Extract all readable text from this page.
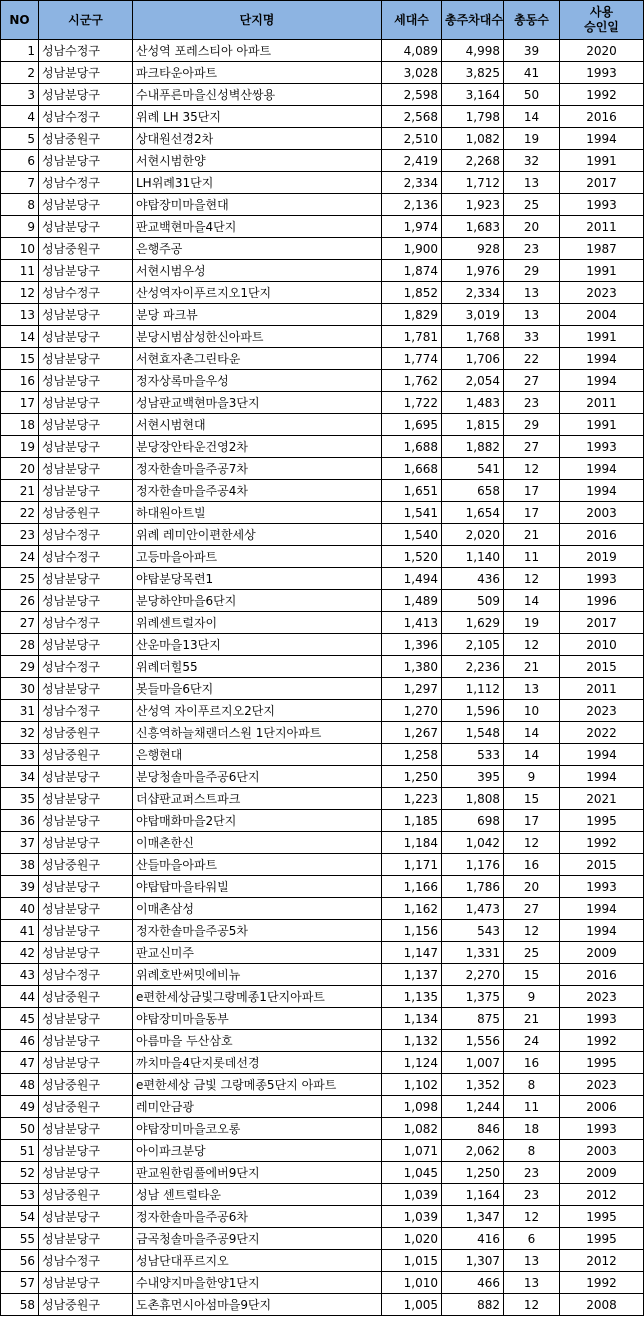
NO	시군구	단지명	세대수	총주차대수	총동수	사용
승인일
1	성남수정구	산성역 포레스티아 아파트	4,089	4,998	39	2020
2	성남분당구	파크타운아파트	3,028	3,825	41	1993
3	성남분당구	수내푸른마을신성벽산쌍용	2,598	3,164	50	1992
4	성남수정구	위례 LH 35단지	2,568	1,798	14	2016
5	성남중원구	상대원선경2차	2,510	1,082	19	1994
6	성남분당구	서현시범한양	2,419	2,268	32	1991
7	성남수정구	LH위례31단지	2,334	1,712	13	2017
8	성남분당구	야탑장미마을현대	2,136	1,923	25	1993
9	성남분당구	판교백현마을4단지	1,974	1,683	20	2011
10	성남중원구	은행주공	1,900	928	23	1987
11	성남분당구	서현시범우성	1,874	1,976	29	1991
12	성남수정구	산성역자이푸르지오1단지	1,852	2,334	13	2023
13	성남분당구	분당 파크뷰	1,829	3,019	13	2004
14	성남분당구	분당시범삼성한신아파트	1,781	1,768	33	1991
15	성남분당구	서현효자촌그린타운	1,774	1,706	22	1994
16	성남분당구	정자상록마을우성	1,762	2,054	27	1994
17	성남분당구	성남판교백현마을3단지	1,722	1,483	23	2011
18	성남분당구	서현시범현대	1,695	1,815	29	1991
19	성남분당구	분당장안타운건영2차	1,688	1,882	27	1993
20	성남분당구	정자한솔마을주공7차	1,668	541	12	1994
21	성남분당구	정자한솔마을주공4차	1,651	658	17	1994
22	성남중원구	하대원아트빌	1,541	1,654	17	2003
23	성남수정구	위례 레미안이편한세상	1,540	2,020	21	2016
24	성남수정구	고등마을아파트	1,520	1,140	11	2019
25	성남분당구	야탑분당목련1	1,494	436	12	1993
26	성남분당구	분당하얀마을6단지	1,489	509	14	1996
27	성남수정구	위례센트럴자이	1,413	1,629	19	2017
28	성남분당구	산운마을13단지	1,396	2,105	12	2010
29	성남수정구	위례더힐55	1,380	2,236	21	2015
30	성남분당구	봇들마을6단지	1,297	1,112	13	2011
31	성남수정구	산성역 자이푸르지오2단지	1,270	1,596	10	2023
32	성남중원구	신흥역하늘채랜더스원 1단지아파트	1,267	1,548	14	2022
33	성남중원구	은행현대	1,258	533	14	1994
34	성남분당구	분당청솔마을주공6단지	1,250	395	9	1994
35	성남분당구	더샵판교퍼스트파크	1,223	1,808	15	2021
36	성남분당구	야탑매화마을2단지	1,185	698	17	1995
37	성남분당구	이매촌한신	1,184	1,042	12	1992
38	성남중원구	산들마을아파트	1,171	1,176	16	2015
39	성남분당구	야탑탑마을타워빌	1,166	1,786	20	1993
40	성남분당구	이매촌삼성	1,162	1,473	27	1994
41	성남분당구	정자한솔마을주공5차	1,156	543	12	1994
42	성남분당구	판교신미주	1,147	1,331	25	2009
43	성남수정구	위례호반써밋에비뉴	1,137	2,270	15	2016
44	성남중원구	e편한세상금빛그랑메종1단지아파트	1,135	1,375	9	2023
45	성남분당구	야탑장미마을동부	1,134	875	21	1993
46	성남분당구	아름마을 두산삼호	1,132	1,556	24	1992
47	성남분당구	까치마을4단지롯데선경	1,124	1,007	16	1995
48	성남중원구	e편한세상 금빛 그랑메종5단지 아파트	1,102	1,352	8	2023
49	성남중원구	레미안금광	1,098	1,244	11	2006
50	성남분당구	야탑장미마을코오롱	1,082	846	18	1993
51	성남분당구	아이파크분당	1,071	2,062	8	2003
52	성남분당구	판교원한림풀에버9단지	1,045	1,250	23	2009
53	성남중원구	성남 센트럴타운	1,039	1,164	23	2012
54	성남분당구	정자한솔마을주공6차	1,039	1,347	12	1995
55	성남분당구	금곡청솔마을주공9단지	1,020	416	6	1995
56	성남수정구	성남단대푸르지오	1,015	1,307	13	2012
57	성남분당구	수내양지마을한양1단지	1,010	466	13	1992
58	성남중원구	도촌휴먼시아섬마을9단지	1,005	882	12	2008
